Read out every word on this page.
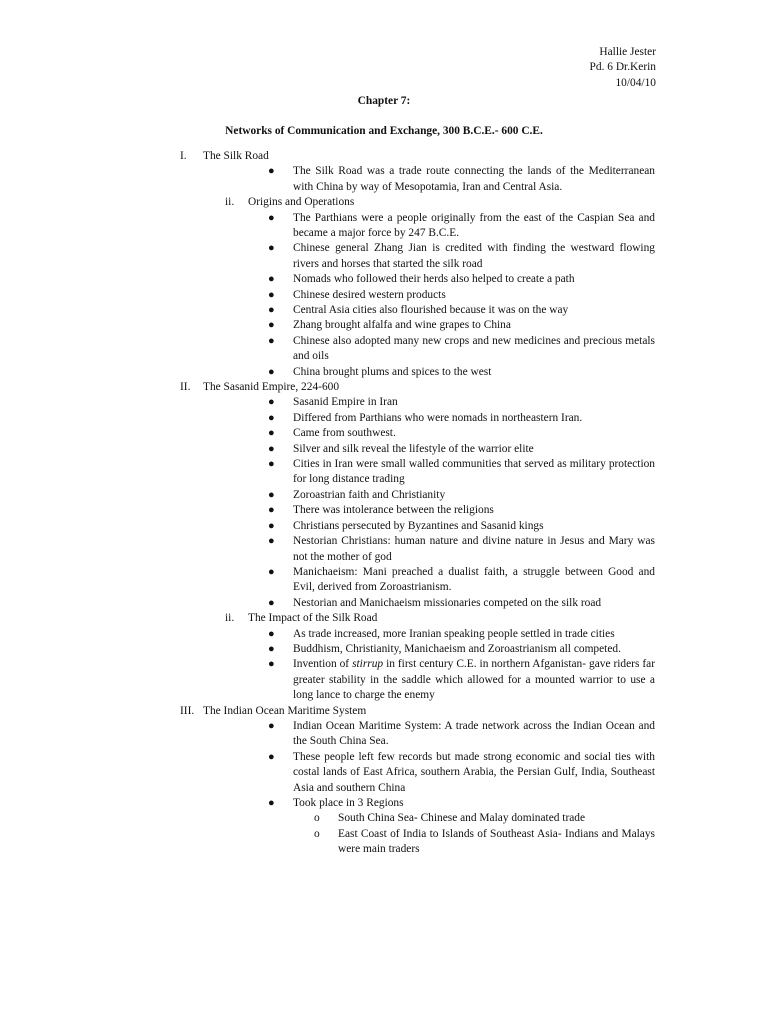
Hallie Jester
Pd. 6 Dr.Kerin
10/04/10
Chapter 7:
Networks of Communication and Exchange, 300 B.C.E.- 600 C.E.
I. The Silk Road
● The Silk Road was a trade route connecting the lands of the Mediterranean with China by way of Mesopotamia, Iran and Central Asia.
ii. Origins and Operations
● The Parthians were a people originally from the east of the Caspian Sea and became a major force by 247 B.C.E.
● Chinese general Zhang Jian is credited with finding the westward flowing rivers and horses that started the silk road
● Nomads who followed their herds also helped to create a path
● Chinese desired western products
● Central Asia cities also flourished because it was on the way
● Zhang brought alfalfa and wine grapes to China
● Chinese also adopted many new crops and new medicines and precious metals and oils
● China brought plums and spices to the west
II. The Sasanid Empire, 224-600
● Sasanid Empire in Iran
● Differed from Parthians who were nomads in northeastern Iran.
● Came from southwest.
● Silver and silk reveal the lifestyle of the warrior elite
● Cities in Iran were small walled communities that served as military protection for long distance trading
● Zoroastrian faith and Christianity
● There was intolerance between the religions
● Christians persecuted by Byzantines and Sasanid kings
● Nestorian Christians: human nature and divine nature in Jesus and Mary was not the mother of god
● Manichaeism: Mani preached a dualist faith, a struggle between Good and Evil, derived from Zoroastrianism.
● Nestorian and Manichaeism missionaries competed on the silk road
ii. The Impact of the Silk Road
● As trade increased, more Iranian speaking people settled in trade cities
● Buddhism, Christianity, Manichaeism and Zoroastrianism all competed.
● Invention of stirrup in first century C.E. in northern Afganistan- gave riders far greater stability in the saddle which allowed for a mounted warrior to use a long lance to charge the enemy
III. The Indian Ocean Maritime System
● Indian Ocean Maritime System: A trade network across the Indian Ocean and the South China Sea.
● These people left few records but made strong economic and social ties with costal lands of East Africa, southern Arabia, the Persian Gulf, India, Southeast Asia and southern China
● Took place in 3 Regions
o South China Sea- Chinese and Malay dominated trade
o East Coast of India to Islands of Southeast Asia- Indians and Malays were main traders
